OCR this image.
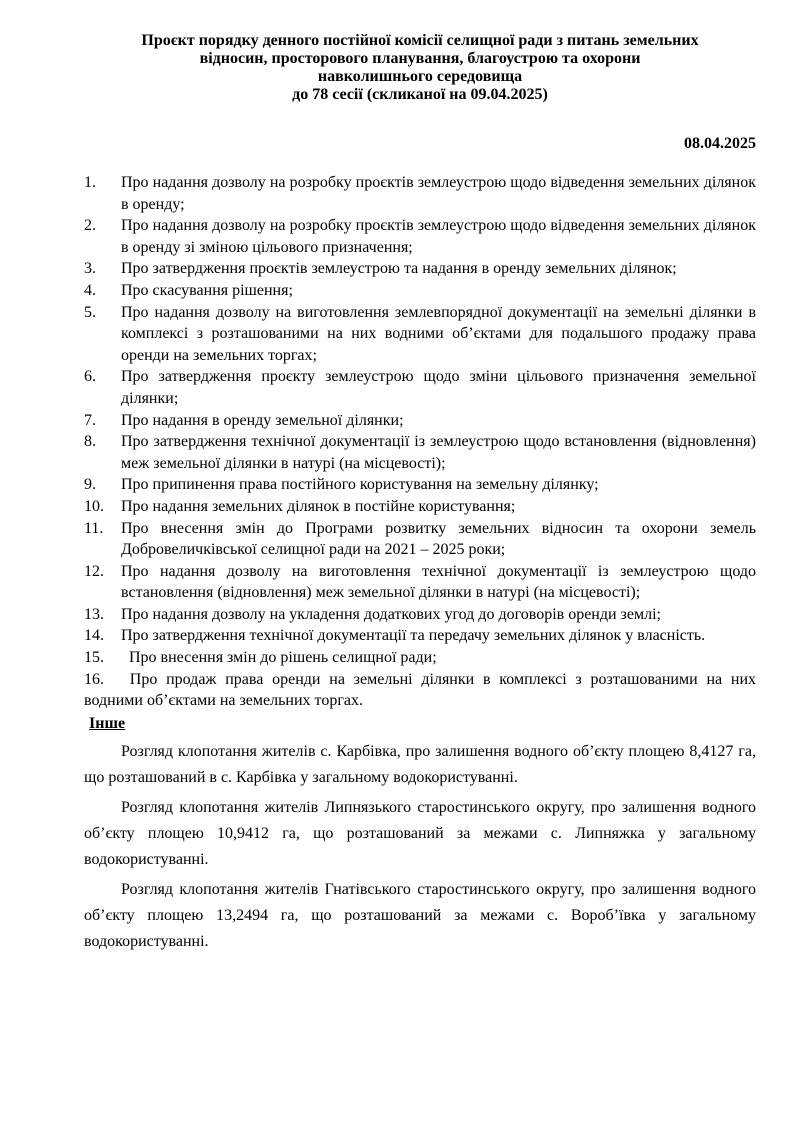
Проєкт порядку денного постійної комісії селищної ради з питань земельних
відносин, просторового планування, благоустрою та охорони
навколишнього середовища
до 78 сесії (скликаної на 09.04.2025)
08.04.2025
1. Про надання дозволу на розробку проєктів землеустрою щодо відведення земельних ділянок в оренду;
2. Про надання дозволу на розробку проєктів землеустрою щодо відведення земельних ділянок в оренду зі зміною цільового призначення;
3. Про затвердження проєктів землеустрою та надання в оренду земельних ділянок;
4. Про скасування рішення;
5. Про надання дозволу на виготовлення землевпорядної документації на земельні ділянки в комплексі з розташованими на них водними об’єктами для подальшого продажу права оренди на земельних торгах;
6. Про затвердження проєкту землеустрою щодо зміни цільового призначення земельної ділянки;
7. Про надання в оренду земельної ділянки;
8. Про затвердження технічної документації із землеустрою щодо встановлення (відновлення) меж земельної ділянки в натурі (на місцевості);
9. Про припинення права постійного користування на земельну ділянку;
10. Про надання земельних ділянок в постійне користування;
11. Про внесення змін до Програми розвитку земельних відносин та охорони земель Добровеличківської селищної ради на 2021 – 2025 роки;
12. Про надання дозволу на виготовлення технічної документації із землеустрою щодо встановлення (відновлення) меж земельної ділянки в натурі (на місцевості);
13. Про надання дозволу на укладення додаткових угод до договорів оренди землі;
14. Про затвердження технічної документації та передачу земельних ділянок у власність.
15. Про внесення змін до рішень селищної ради;
16. Про продаж права оренди на земельні ділянки в комплексі з розташованими на них водними об’єктами на земельних торгах.
Інше

Розгляд клопотання жителів с. Карбівка, про залишення водного об’єкту площею 8,4127 га, що розташований в с. Карбівка у загальному водокористуванні.

Розгляд клопотання жителів Липнязького старостинського округу, про залишення водного об’єкту площею 10,9412 га, що розташований за межами с. Липняжка у загальному водокористуванні.

Розгляд клопотання жителів Гнатівського старостинського округу, про залишення водного об’єкту площею 13,2494 га, що розташований за межами с. Вороб’ївка у загальному водокористуванні.
